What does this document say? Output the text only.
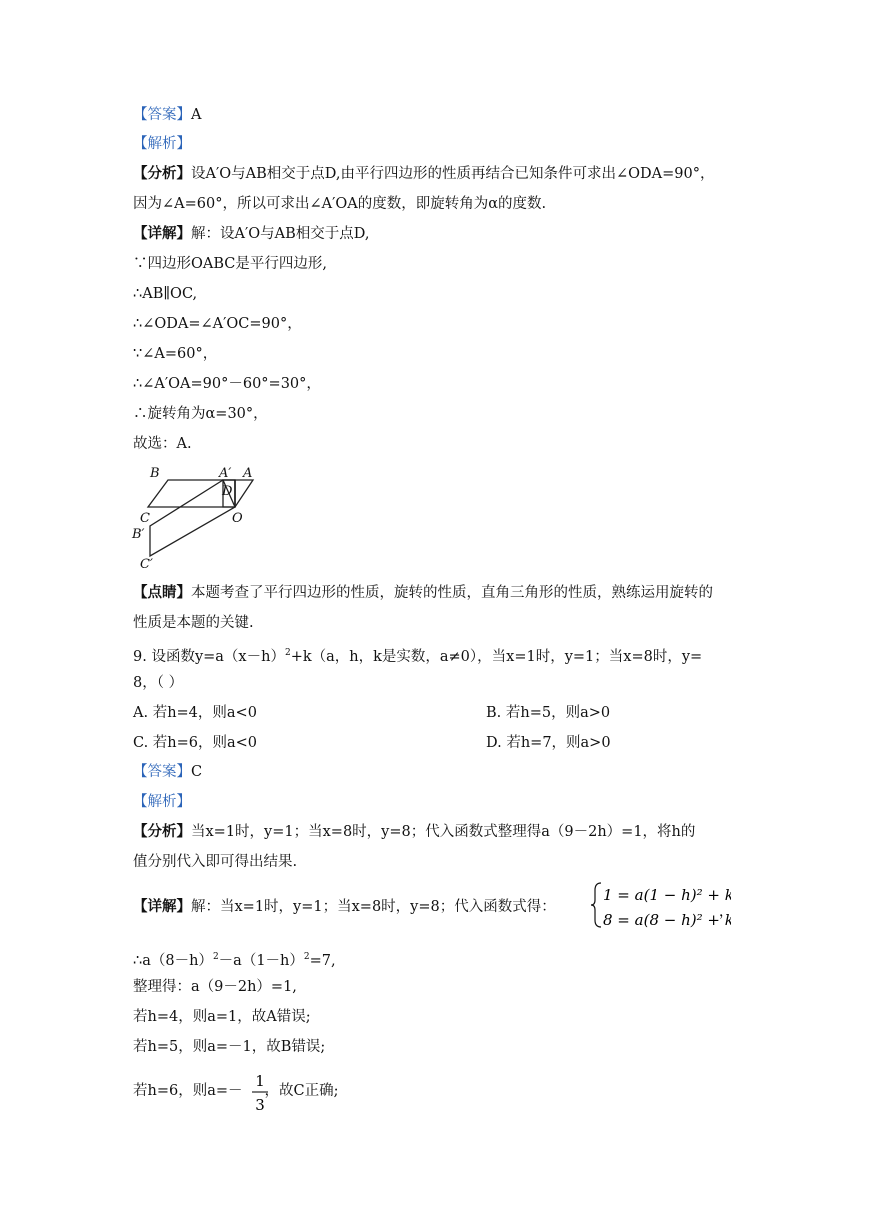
【答案】A
【解析】
【分析】设A′O与AB相交于点D,由平行四边形的性质再结合已知条件可求出∠ODA=90°，
因为∠A=60°，所以可求出∠A′OA的度数，即旋转角为α的度数.
【详解】解：设A′O与AB相交于点D,
∵四边形OABC是平行四边形,
∴AB∥OC,
∴∠ODA=∠A′OC=90°，
∵∠A=60°，
∴∠A′OA=90°－60°=30°，
∴旋转角为α=30°，
故选：A.
B	A′ A
D
C	O
B′
C′
【点睛】本题考查了平行四边形的性质，旋转的性质，直角三角形的性质，熟练运用旋转的
性质是本题的关键.
9. 设函数$y=a(x-h)^2+k(a$，h，k是实数，a≠0），当x=1时，y=1；当x=8时，y=
8，（ ）
A. 若h=4，则a<0	B. 若h=5，则a>0
C. 若h=6，则a<0	D. 若h=7，则a>0
【答案】C
【解析】
【分析】当x=1时，y=1；当x=8时，y=8；代入函数式整理得a（9－2h）=1，将h的
值分别代入即可得出结果.
【详解】解：当x=1时，y=1；当x=8时，y=8；代入函数式得：
1 = a(1 − h)² + k
8 = a(8 − h)² + k
$\therefore a(8-h)^2-a(1-h)^2=7$,
整理得：a（9－2h）=1,
若h=4，则a=1，故A错误;
若h=5，则a=－1，故B错误;
若h=6，则a=－ ，故C正确;
1
3
